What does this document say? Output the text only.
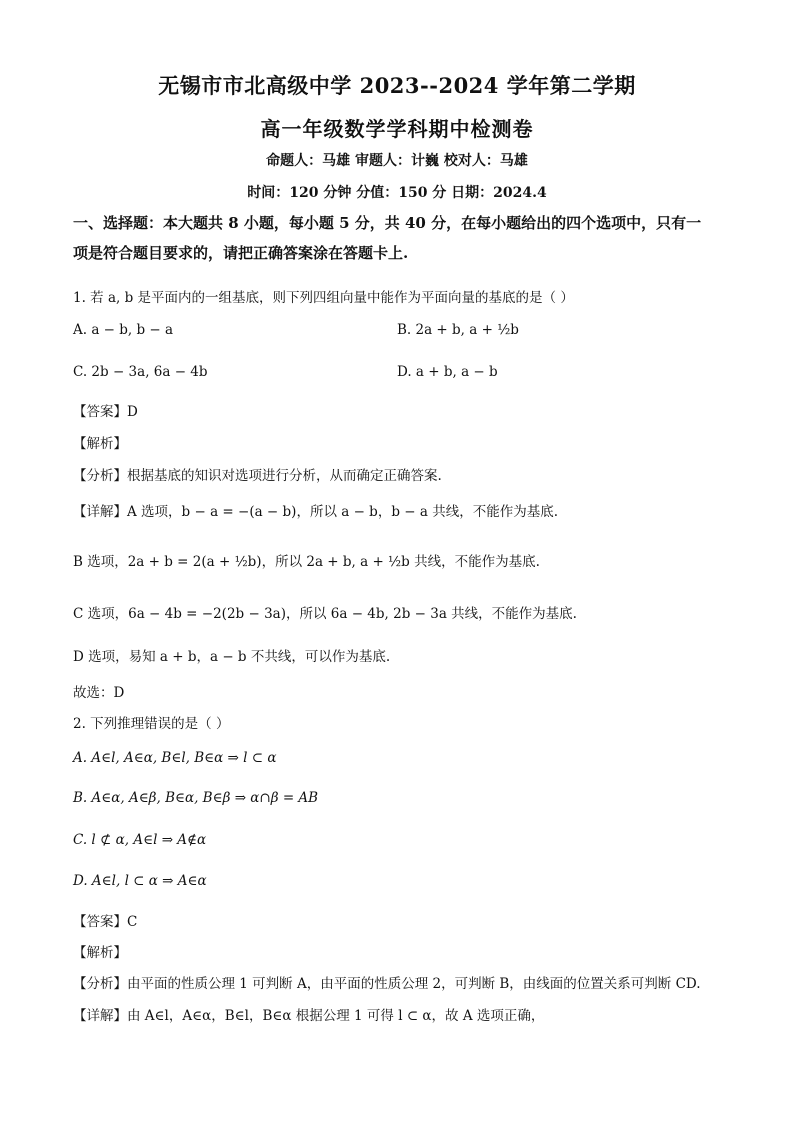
无锡市市北高级中学 2023--2024 学年第二学期
高一年级数学学科期中检测卷
命题人：马雄 审题人：计巍 校对人：马雄
时间：120 分钟 分值：150 分 日期：2024.4
一、选择题：本大题共 8 小题，每小题 5 分，共 40 分，在每小题给出的四个选项中，只有一
项是符合题目要求的，请把正确答案涂在答题卡上.
1. 若 a, b 是平面内的一组基底，则下列四组向量中能作为平面向量的基底的是（ ）
A. a − b, b − a	B. 2a + b, a + ½b
C. 2b − 3a, 6a − 4b	D. a + b, a − b
【答案】D
【解析】
【分析】根据基底的知识对选项进行分析，从而确定正确答案.
【详解】A 选项，b − a = −(a − b)，所以 a − b，b − a 共线，不能作为基底.
B 选项，2a + b = 2(a + ½b)，所以 2a + b, a + ½b 共线，不能作为基底.
C 选项，6a − 4b = −2(2b − 3a)，所以 6a − 4b, 2b − 3a 共线，不能作为基底.
D 选项，易知 a + b，a − b 不共线，可以作为基底.
故选：D
2. 下列推理错误的是（ ）
A. A∈l, A∈α, B∈l, B∈α ⇒ l ⊂ α
B. A∈α, A∈β, B∈α, B∈β ⇒ α∩β = AB
C. l ⊄ α, A∈l ⇒ A∉α
D. A∈l, l ⊂ α ⇒ A∈α
【答案】C
【解析】
【分析】由平面的性质公理 1 可判断 A，由平面的性质公理 2，可判断 B，由线面的位置关系可判断 CD.
【详解】由 A∈l，A∈α，B∈l，B∈α 根据公理 1 可得 l ⊂ α，故 A 选项正确，
